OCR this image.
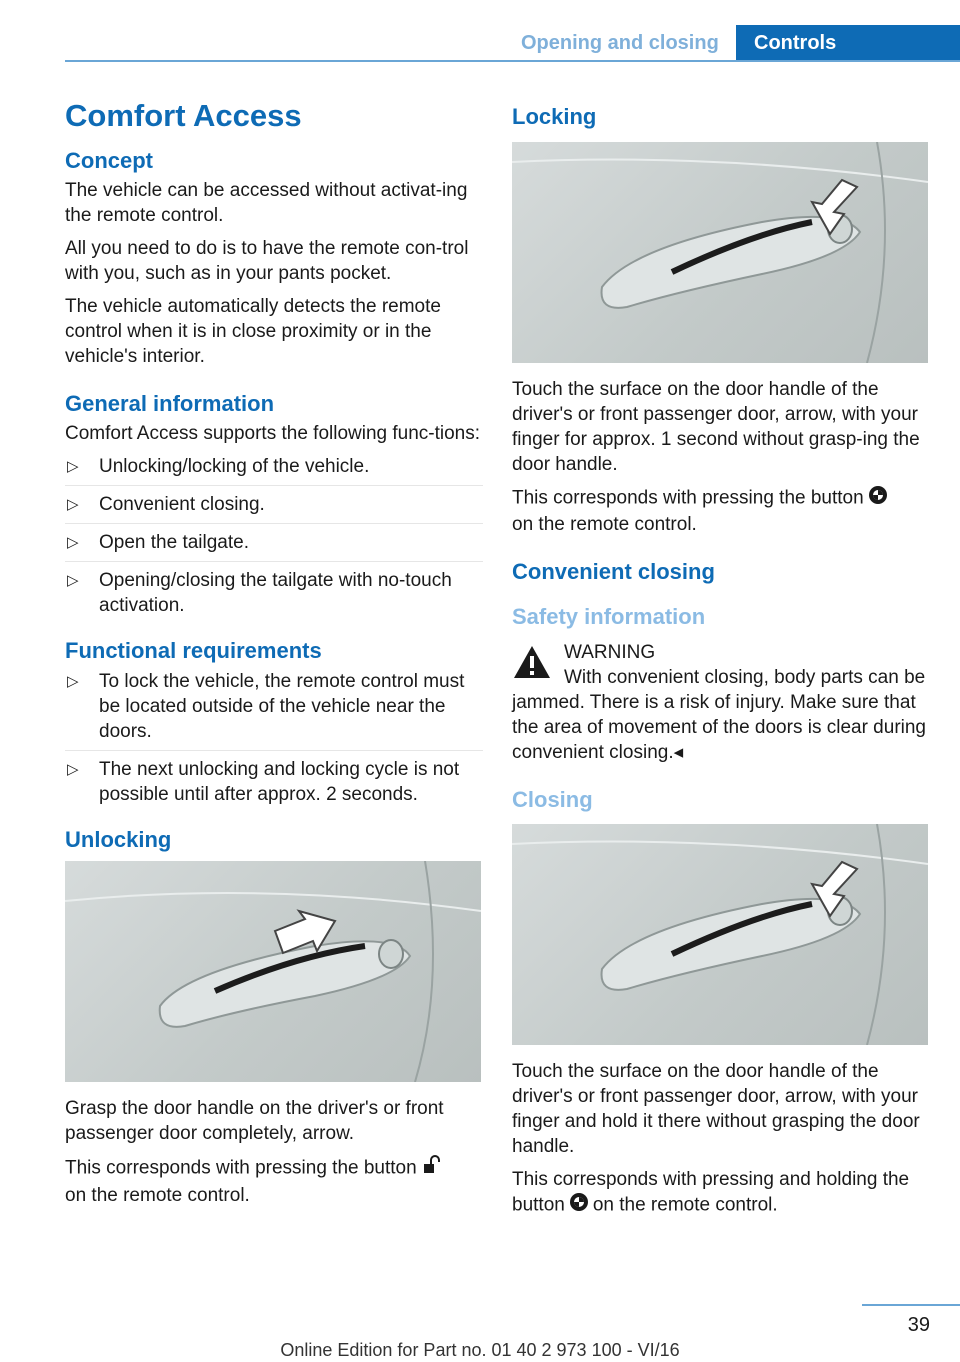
Opening and closing	Controls
Comfort Access
Concept

The vehicle can be accessed without activat-ing the remote control.

All you need to do is to have the remote con-trol with you, such as in your pants pocket.

The vehicle automatically detects the remote control when it is in close proximity or in the vehicle's interior.

General information

Comfort Access supports the following func-tions:

▷ Unlocking/locking of the vehicle.
▷ Convenient closing.
▷ Open the tailgate.
▷ Opening/closing the tailgate with no-touch activation.
Functional requirements
▷ To lock the vehicle, the remote control must be located outside of the vehicle near the doors.
▷ The next unlocking and locking cycle is not possible until after approx. 2 seconds.
Unlocking

Grasp the door handle on the driver's or front passenger door completely, arrow.

This corresponds with pressing the button
on the remote control.

Locking

Touch the surface on the door handle of the driver's or front passenger door, arrow, with your finger for approx. 1 second without grasp-ing the door handle.

This corresponds with pressing the button
on the remote control.

Convenient closing
Safety information
WARNING

With convenient closing, body parts can be jammed. There is a risk of injury. Make sure that the area of movement of the doors is clear during convenient closing.◂

Closing

Touch the surface on the door handle of the driver's or front passenger door, arrow, with your finger and hold it there without grasping the door handle.

This corresponds with pressing and holding the button on the remote control.

39
Online Edition for Part no. 01 40 2 973 100 - VI/16
